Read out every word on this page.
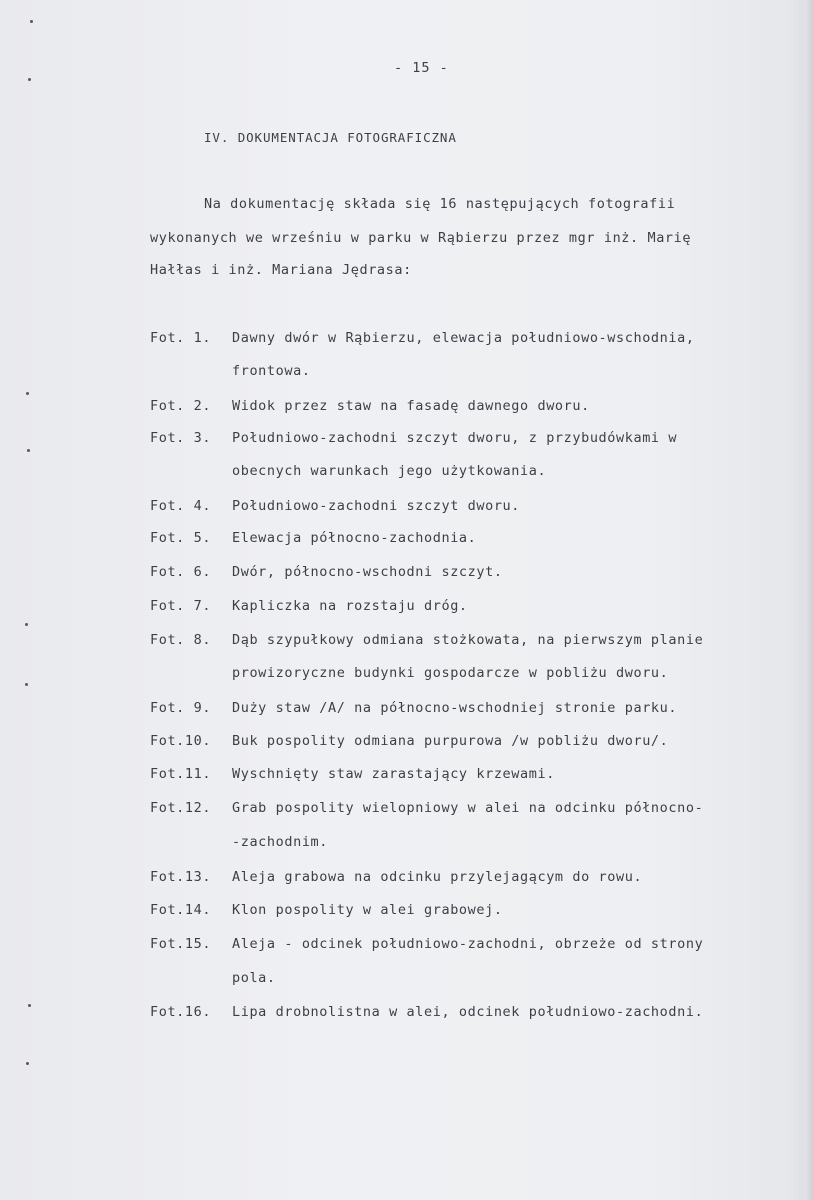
- 15 -
IV. DOKUMENTACJA FOTOGRAFICZNA
Na dokumentację składa się 16 następujących fotografii
wykonanych we wrześniu w parku w Rąbierzu przez mgr inż. Marię
Hałłas i inż. Mariana Jędrasa:
Fot. 1. Dawny dwór w Rąbierzu, elewacja południowo-wschodnia,
frontowa.
Fot. 2. Widok przez staw na fasadę dawnego dworu.
Fot. 3. Południowo-zachodni szczyt dworu, z przybudówkami w
obecnych warunkach jego użytkowania.
Fot. 4. Południowo-zachodni szczyt dworu.
Fot. 5. Elewacja północno-zachodnia.
Fot. 6. Dwór, północno-wschodni szczyt.
Fot. 7. Kapliczka na rozstaju dróg.
Fot. 8. Dąb szypułkowy odmiana stożkowata, na pierwszym planie
prowizoryczne budynki gospodarcze w pobliżu dworu.
Fot. 9. Duży staw /A/ na północno-wschodniej stronie parku.
Fot.10. Buk pospolity odmiana purpurowa /w pobliżu dworu/.
Fot.11. Wyschnięty staw zarastający krzewami.
Fot.12. Grab pospolity wielopniowy w alei na odcinku północno-
-zachodnim.
Fot.13. Aleja grabowa na odcinku przylejagącym do rowu.
Fot.14. Klon pospolity w alei grabowej.
Fot.15. Aleja - odcinek południowo-zachodni, obrzeże od strony
pola.
Fot.16. Lipa drobnolistna w alei, odcinek południowo-zachodni.
